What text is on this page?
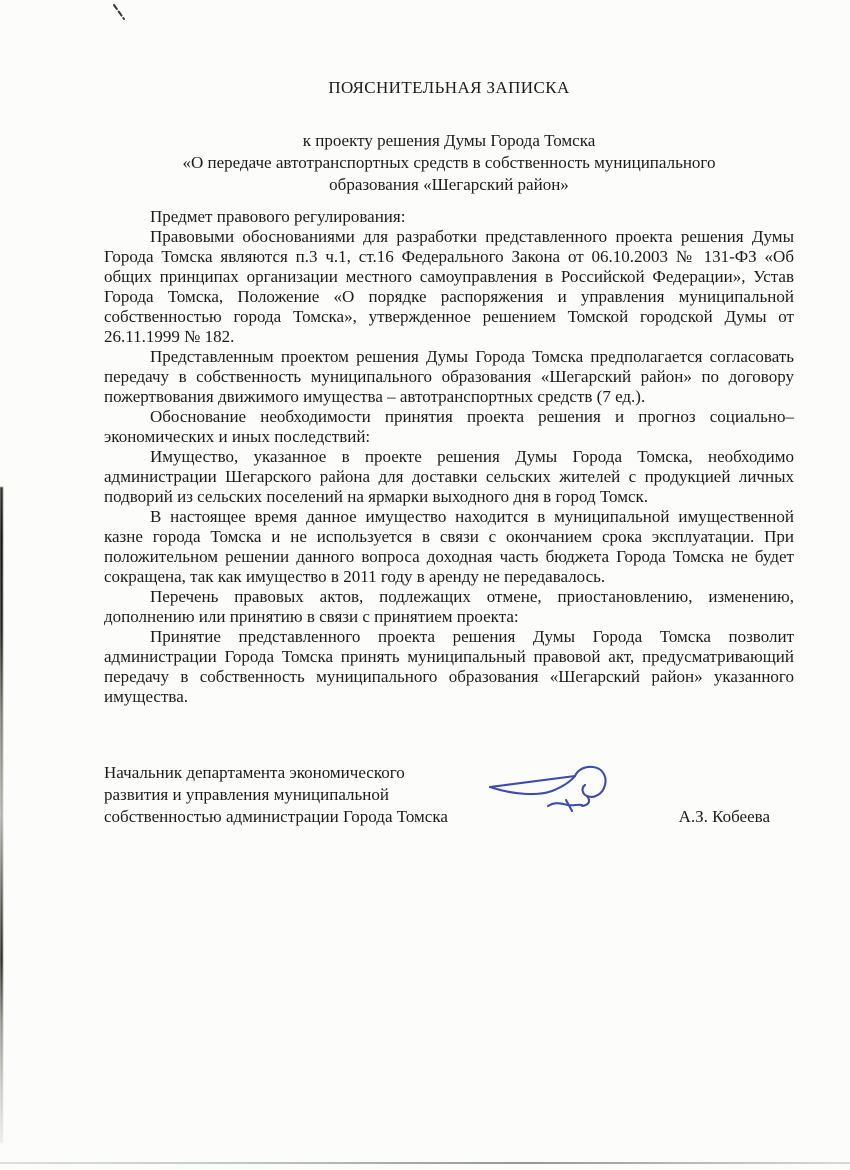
ПОЯСНИТЕЛЬНАЯ ЗАПИСКА
к проекту решения Думы Города Томска
«О передаче автотранспортных средств в собственность муниципального
образования «Шегарский район»

Предмет правового регулирования:

Правовыми обоснованиями для разработки представленного проекта решения Думы Города Томска являются п.3 ч.1, ст.16 Федерального Закона от 06.10.2003 № 131-ФЗ «Об общих принципах организации местного самоуправления в Российской Федерации», Устав Города Томска, Положение «О порядке распоряжения и управления муниципальной собственностью города Томска», утвержденное решением Томской городской Думы от 26.11.1999 № 182.

Представленным проектом решения Думы Города Томска предполагается согласовать передачу в собственность муниципального образования «Шегарский район» по договору пожертвования движимого имущества – автотранспортных средств (7 ед.).

Обоснование необходимости принятия проекта решения и прогноз социально–экономических и иных последствий:

Имущество, указанное в проекте решения Думы Города Томска, необходимо администрации Шегарского района для доставки сельских жителей с продукцией личных подворий из сельских поселений на ярмарки выходного дня в город Томск.

В настоящее время данное имущество находится в муниципальной имущественной казне города Томска и не используется в связи с окончанием срока эксплуатации. При положительном решении данного вопроса доходная часть бюджета Города Томска не будет сокращена, так как имущество в 2011 году в аренду не передавалось.

Перечень правовых актов, подлежащих отмене, приостановлению, изменению, дополнению или принятию в связи с принятием проекта:

Принятие представленного проекта решения Думы Города Томска позволит администрации Города Томска принять муниципальный правовой акт, предусматривающий передачу в собственность муниципального образования «Шегарский район» указанного имущества.

Начальник департамента экономического
развития и управления муниципальной
собственностью администрации Города Томска	А.З. Кобеева
